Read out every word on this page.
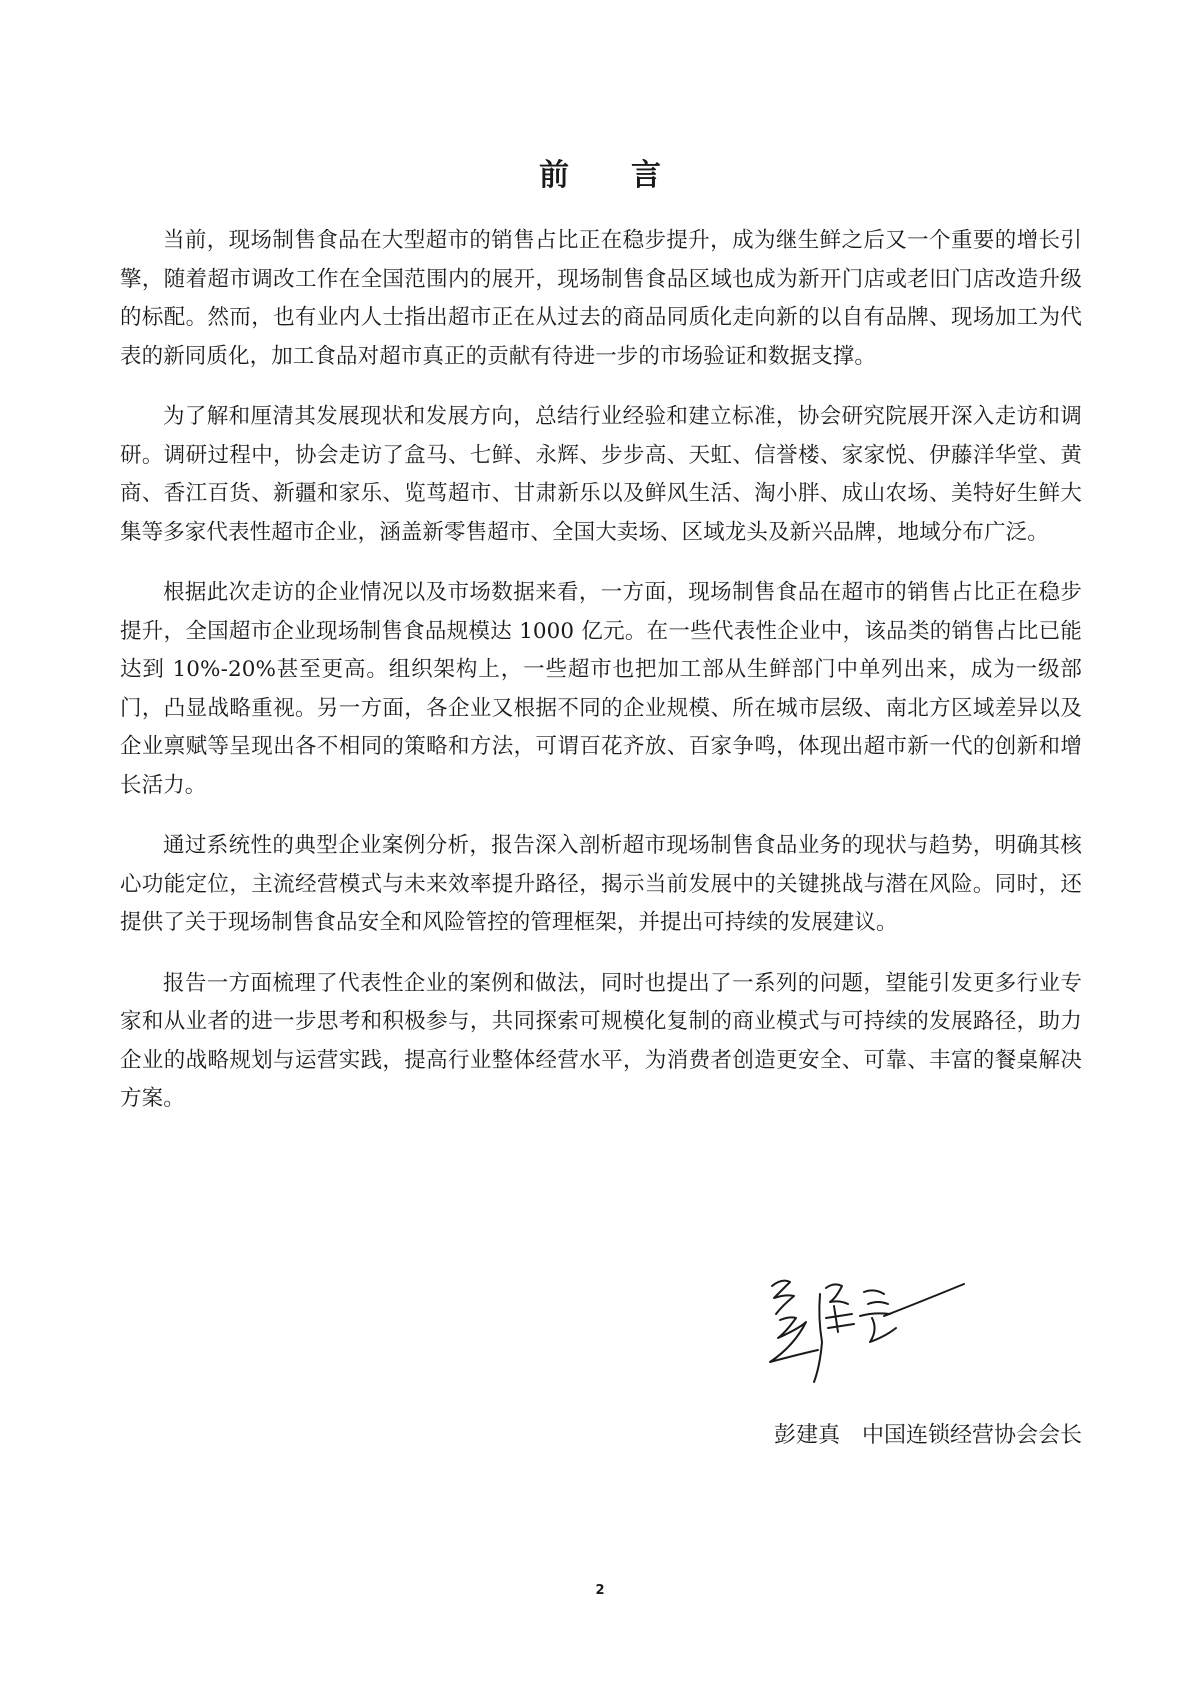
前 言

当前，现场制售食品在大型超市的销售占比正在稳步提升，成为继生鲜之后又一个重要的增长引擎，随着超市调改工作在全国范围内的展开，现场制售食品区域也成为新开门店或老旧门店改造升级的标配。然而，也有业内人士指出超市正在从过去的商品同质化走向新的以自有品牌、现场加工为代表的新同质化，加工食品对超市真正的贡献有待进一步的市场验证和数据支撑。

为了解和厘清其发展现状和发展方向，总结行业经验和建立标准，协会研究院展开深入走访和调研。调研过程中，协会走访了盒马、七鲜、永辉、步步高、天虹、信誉楼、家家悦、伊藤洋华堂、黄商、香江百货、新疆和家乐、览茑超市、甘肃新乐以及鲜风生活、淘小胖、成山农场、美特好生鲜大集等多家代表性超市企业，涵盖新零售超市、全国大卖场、区域龙头及新兴品牌，地域分布广泛。

根据此次走访的企业情况以及市场数据来看，一方面，现场制售食品在超市的销售占比正在稳步提升，全国超市企业现场制售食品规模达 1000 亿元。在一些代表性企业中，该品类的销售占比已能达到 10%-20%甚至更高。组织架构上，一些超市也把加工部从生鲜部门中单列出来，成为一级部门，凸显战略重视。另一方面，各企业又根据不同的企业规模、所在城市层级、南北方区域差异以及企业禀赋等呈现出各不相同的策略和方法，可谓百花齐放、百家争鸣，体现出超市新一代的创新和增长活力。

通过系统性的典型企业案例分析，报告深入剖析超市现场制售食品业务的现状与趋势，明确其核心功能定位，主流经营模式与未来效率提升路径，揭示当前发展中的关键挑战与潜在风险。同时，还提供了关于现场制售食品安全和风险管控的管理框架，并提出可持续的发展建议。

报告一方面梳理了代表性企业的案例和做法，同时也提出了一系列的问题，望能引发更多行业专家和从业者的进一步思考和积极参与，共同探索可规模化复制的商业模式与可持续的发展路径，助力企业的战略规划与运营实践，提高行业整体经营水平，为消费者创造更安全、可靠、丰富的餐桌解决方案。

彭建真 中国连锁经营协会会长
2
